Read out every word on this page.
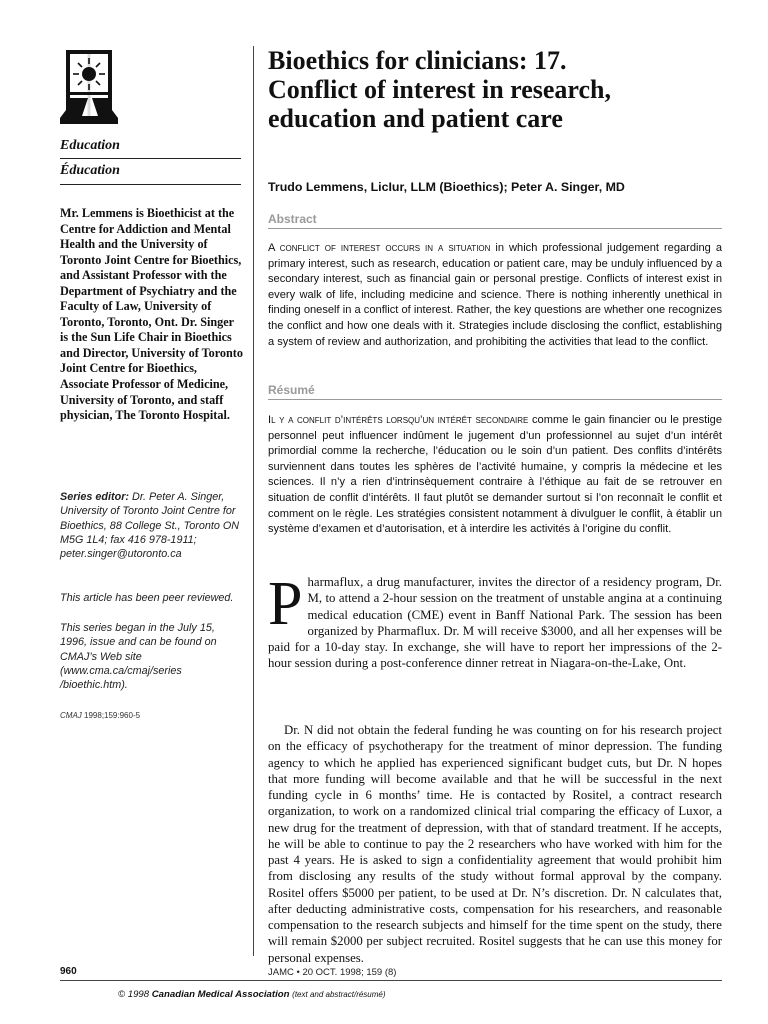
Education
Éducation
Mr. Lemmens is Bioethicist at the Centre for Addiction and Mental Health and the University of Toronto Joint Centre for Bioethics, and Assistant Professor with the Department of Psychiatry and the Faculty of Law, University of Toronto, Toronto, Ont. Dr. Singer is the Sun Life Chair in Bioethics and Director, University of Toronto Joint Centre for Bioethics, Associate Professor of Medicine, University of Toronto, and staff physician, The Toronto Hospital.
Series editor: Dr. Peter A. Singer, University of Toronto Joint Centre for Bioethics, 88 College St., Toronto ON M5G 1L4; fax 416 978-1911; peter.singer@utoronto.ca
This article has been peer reviewed.
This series began in the July 15, 1996, issue and can be found on CMAJ’s Web site (www.cma.ca/cmaj/series /bioethic.htm).
CMAJ 1998;159:960-5
Bioethics for clinicians: 17.
Conflict of interest in research,
education and patient care
Trudo Lemmens, LicIur, LLM (Bioethics); Peter A. Singer, MD
Abstract

A conflict of interest occurs in a situation in which professional judgement regarding a primary interest, such as research, education or patient care, may be unduly influenced by a secondary interest, such as financial gain or personal prestige. Conflicts of interest exist in every walk of life, including medicine and science. There is nothing inherently unethical in finding oneself in a conflict of interest. Rather, the key questions are whether one recognizes the conflict and how one deals with it. Strategies include disclosing the conflict, establishing a system of review and authorization, and prohibiting the activities that lead to the conflict.

Résumé

Il y a conflit d’intérêts lorsqu’un intérêt secondaire comme le gain financier ou le prestige personnel peut influencer indûment le jugement d’un professionnel au sujet d’un intérêt primordial comme la recherche, l’éducation ou le soin d’un patient. Des conflits d’intérêts surviennent dans toutes les sphères de l’activité humaine, y compris la médecine et les sciences. Il n’y a rien d’intrinsèquement contraire à l’éthique au fait de se retrouver en situation de conflit d’intérêts. Il faut plutôt se demander surtout si l’on reconnaît le conflit et comment on le règle. Les stratégies consistent notamment à divulguer le conflit, à établir un système d’examen et d’autorisation, et à interdire les activités à l’origine du conflit.

Pharmaflux, a drug manufacturer, invites the director of a residency program, Dr. M, to attend a 2-hour session on the treatment of unstable angina at a continuing medical education (CME) event in Banff National Park. The session has been organized by Pharmaflux. Dr. M will receive $3000, and all her expenses will be paid for a 10-day stay. In exchange, she will have to report her impressions of the 2-hour session during a post-conference dinner retreat in Niagara-on-the-Lake, Ont.

Dr. N did not obtain the federal funding he was counting on for his research project on the efficacy of psychotherapy for the treatment of minor depression. The funding agency to which he applied has experienced significant budget cuts, but Dr. N hopes that more funding will become available and that he will be successful in the next funding cycle in 6 months’ time. He is contacted by Rositel, a contract research organization, to work on a randomized clinical trial comparing the efficacy of Luxor, a new drug for the treatment of depression, with that of standard treatment. If he accepts, he will be able to continue to pay the 2 researchers who have worked with him for the past 4 years. He is asked to sign a confidentiality agreement that would prohibit him from disclosing any results of the study without formal approval by the company. Rositel offers $5000 per patient, to be used at Dr. N’s discretion. Dr. N calculates that, after deducting administrative costs, compensation for his researchers, and reasonable compensation to the research subjects and himself for the time spent on the study, there will remain $2000 per subject recruited. Rositel suggests that he can use this money for personal expenses.

960	JAMC • 20 OCT. 1998; 159 (8)
© 1998 Canadian Medical Association (text and abstract/résumé)
